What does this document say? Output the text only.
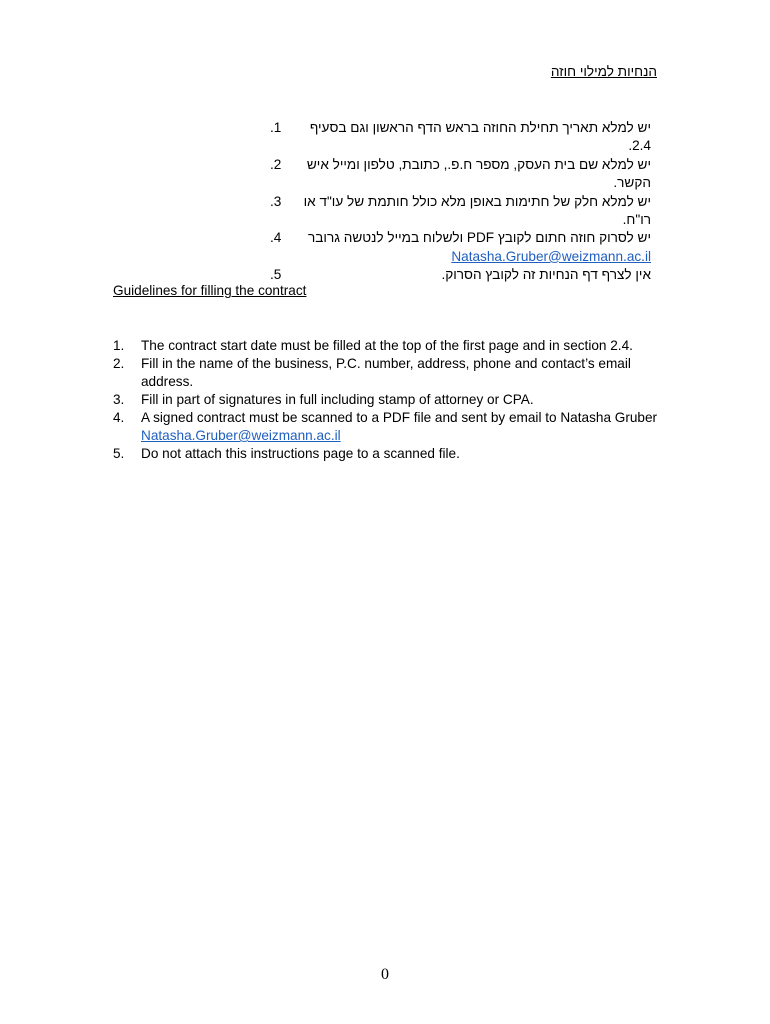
הנחיות למילוי חוזה
יש למלא תאריך תחילת החוזה בראש הדף הראשון וגם בסעיף 2.4.
.1
יש למלא שם בית העסק, מספר ח.פ., כתובת, טלפון ומייל איש הקשר.
.2
יש למלא חלק של חתימות באופן מלא כולל חותמת של עו"ד או רו"ח.
.3
יש לסרוק חוזה חתום לקובץ PDF ולשלוח במייל לנטשה גרובר
Natasha.Gruber@weizmann.ac.il
.4
אין לצרף דף הנחיות זה לקובץ הסרוק.
.5
Guidelines for filling the contract
1.	The contract start date must be filled at the top of the first page and in section 2.4.
2.	Fill in the name of the business, P.C. number, address, phone and contact’s email address.
3.	Fill in part of signatures in full including stamp of attorney or CPA.
4.	A signed contract must be scanned to a PDF file and sent by email to Natasha Gruber Natasha.Gruber@weizmann.ac.il
5.	Do not attach this instructions page to a scanned file.
0
